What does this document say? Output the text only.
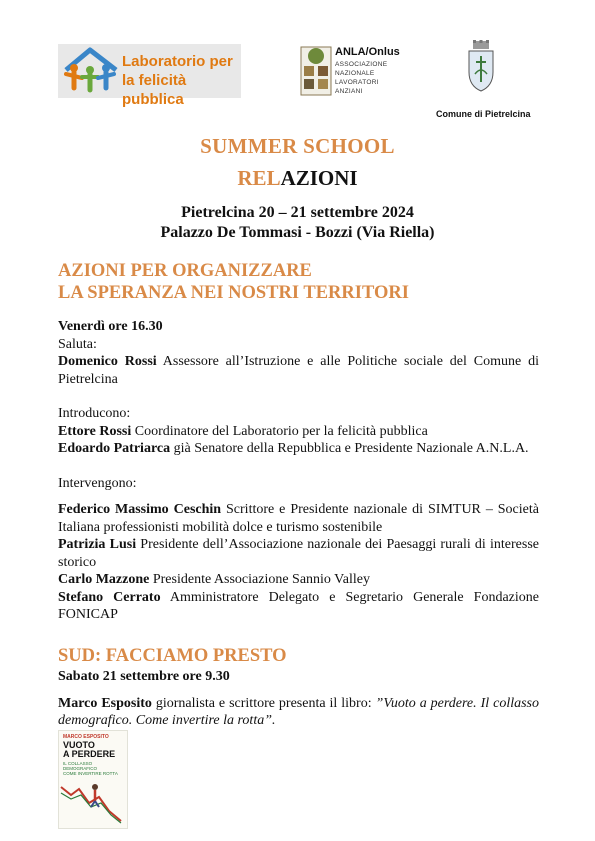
Laboratorio per
la felicità pubblica
ANLA/Onlus
ASSOCIAZIONE
NAZIONALE
LAVORATORI
ANZIANI
Comune di Pietrelcina
SUMMER SCHOOL
RELAZIONI
Pietrelcina 20 – 21 settembre 2024
Palazzo De Tommasi - Bozzi (Via Riella)
AZIONI PER ORGANIZZARE
LA SPERANZA NEI NOSTRI TERRITORI

Venerdì ore 16.30

Saluta:

Domenico Rossi Assessore all’Istruzione e alle Politiche sociale del Comune di Pietrelcina

Introducono:

Ettore Rossi Coordinatore del Laboratorio per la felicità pubblica

Edoardo Patriarca già Senatore della Repubblica e Presidente Nazionale A.N.L.A.

Intervengono:

Federico Massimo Ceschin Scrittore e Presidente nazionale di SIMTUR – Società Italiana professionisti mobilità dolce e turismo sostenibile

Patrizia Lusi Presidente dell’Associazione nazionale dei Paesaggi rurali di interesse storico

Carlo Mazzone Presidente Associazione Sannio Valley

Stefano Cerrato Amministratore Delegato e Segretario Generale Fondazione FONICAP

SUD: FACCIAMO PRESTO

Sabato 21 settembre ore 9.30

Marco Esposito giornalista e scrittore presenta il libro: ”Vuoto a perdere. Il collasso demografico. Come invertire la rotta”.

MARCO ESPOSITO
VUOTO
A PERDERE
IL COLLASSO
DEMOGRAFICO
COME INVERTIRE ROTTA
